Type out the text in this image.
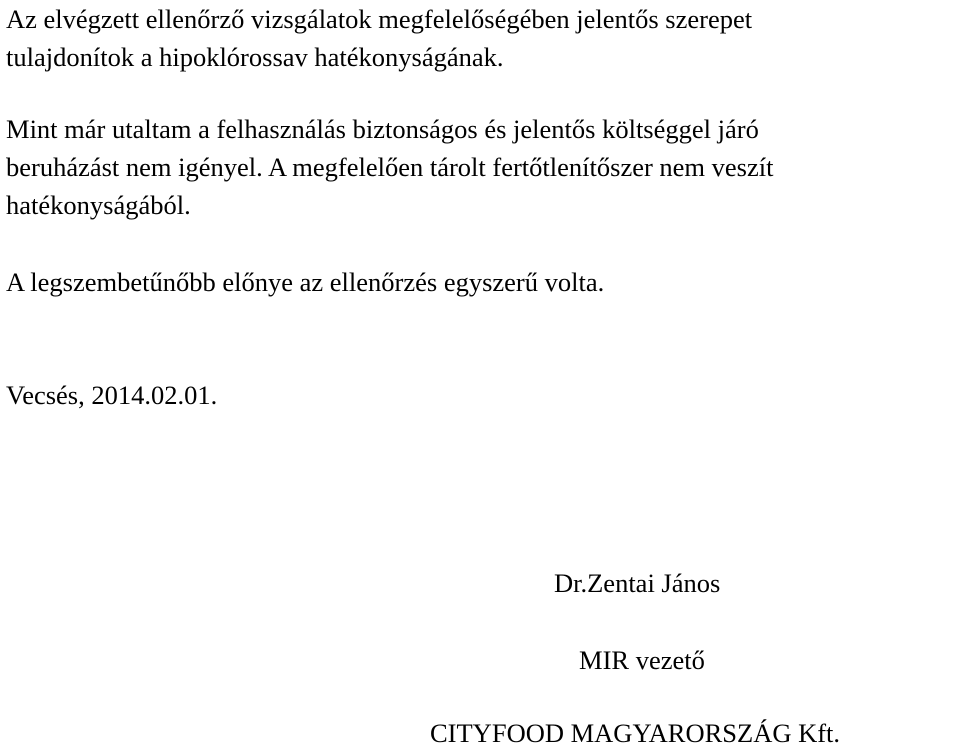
Az elvégzett ellenőrző vizsgálatok megfelelőségében jelentős szerepet
tulajdonítok a hipoklórossav hatékonyságának.

Mint már utaltam a felhasználás biztonságos és jelentős költséggel járó
beruházást nem igényel. A megfelelően tárolt fertőtlenítőszer nem veszít
hatékonyságából.

A legszembetűnőbb előnye az ellenőrzés egyszerű volta.

Vecsés, 2014.02.01.

Dr.Zentai János

MIR vezető

CITYFOOD MAGYARORSZÁG Kft.
